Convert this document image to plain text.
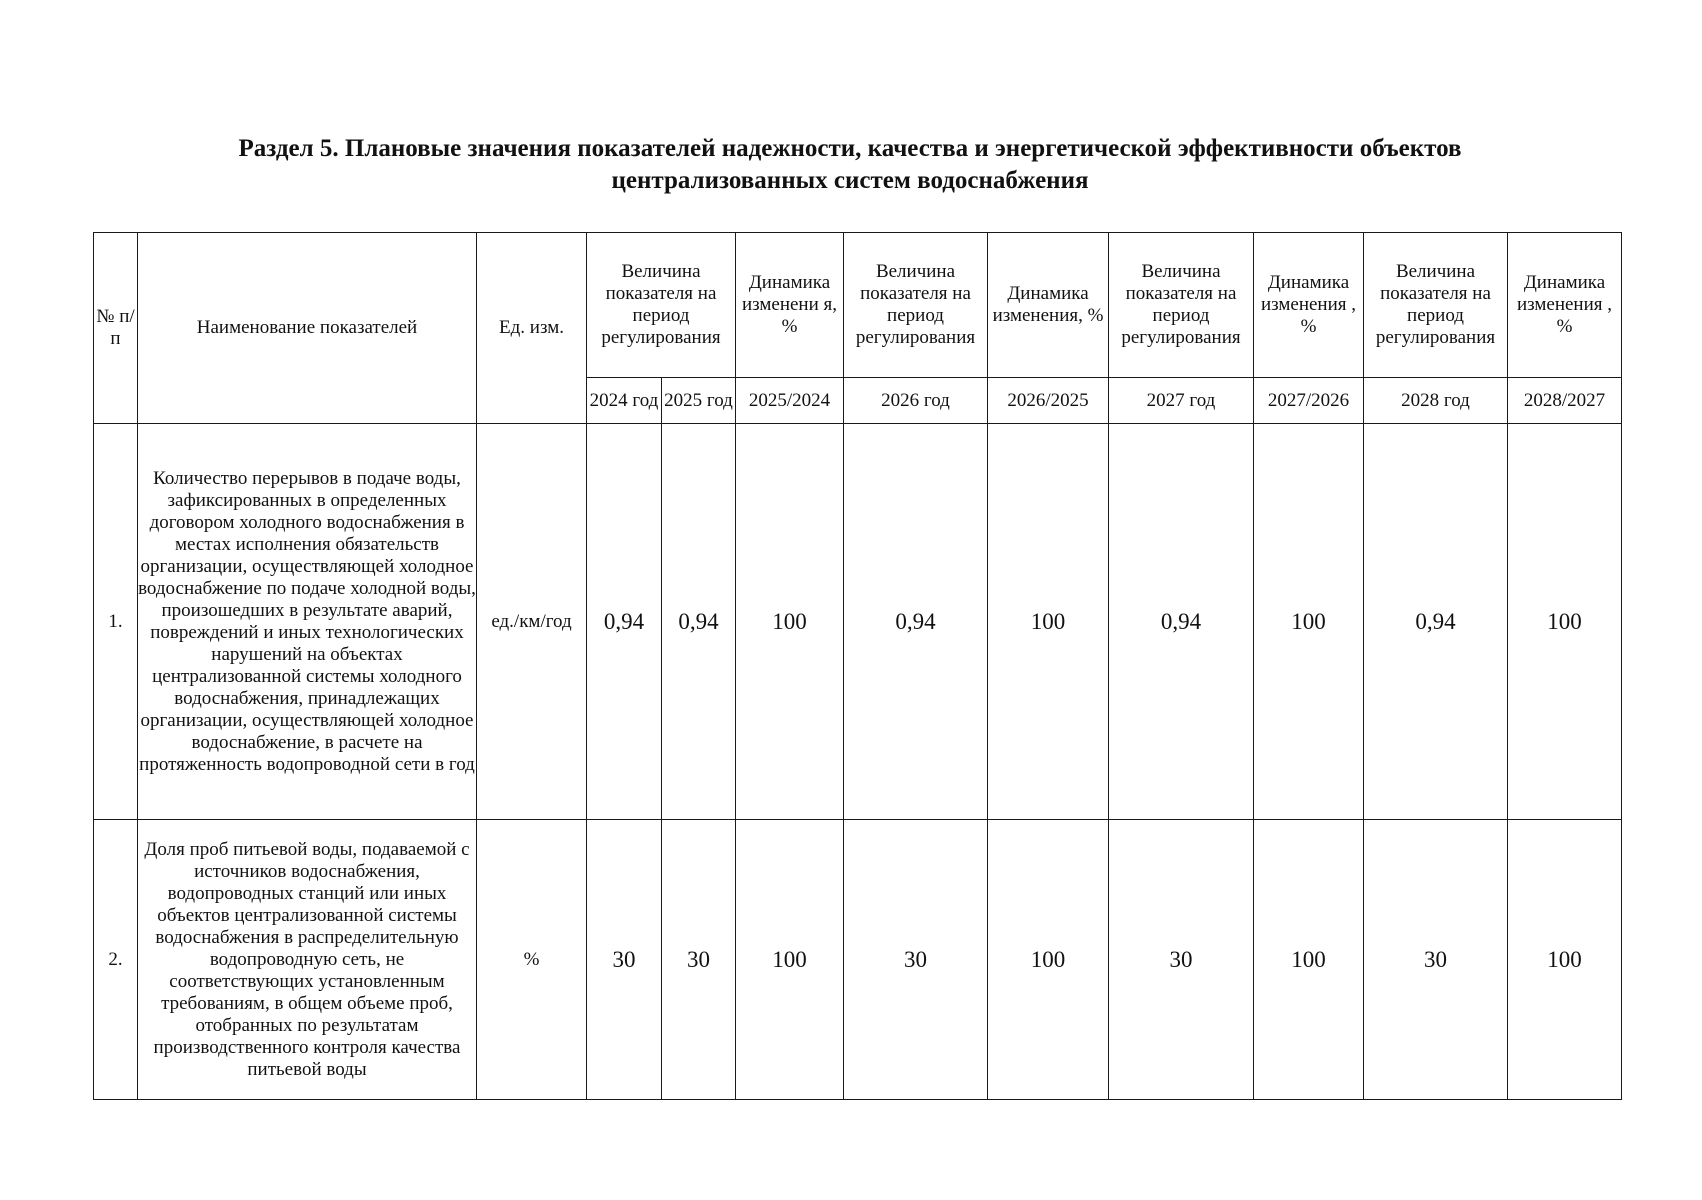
Раздел 5. Плановые значения показателей надежности, качества и энергетической эффективности объектов
централизованных систем водоснабжения
№ п/п	Наименование показателей	Ед. изм.	Величина показателя на период регулирования		Динамика изменени я, %	Величина показателя на период регулирования	Динамика изменения, %	Величина показателя на период регулирования	Динамика изменения , %	Величина показателя на период регулирования	Динамика изменения , %
			2024 год	2025 год	2025/2024	2026 год	2026/2025	2027 год	2027/2026	2028 год	2028/2027
1.	Количество перерывов в подаче воды, зафиксированных в определенных договором холодного водоснабжения в местах исполнения обязательств организации, осуществляющей холодное водоснабжение по подаче холодной воды, произошедших в результате аварий, повреждений и иных технологических нарушений на объектах централизованной системы холодного водоснабжения, принадлежащих организации, осуществляющей холодное водоснабжение, в расчете на протяженность водопроводной сети в год	ед./км/год	0,94	0,94	100	0,94	100	0,94	100	0,94	100
2.	Доля проб питьевой воды, подаваемой с источников водоснабжения, водопроводных станций или иных объектов централизованной системы водоснабжения в распределительную водопроводную сеть, не соответствующих установленным требованиям, в общем объеме проб, отобранных по результатам производственного контроля качества питьевой воды	%	30	30	100	30	100	30	100	30	100
